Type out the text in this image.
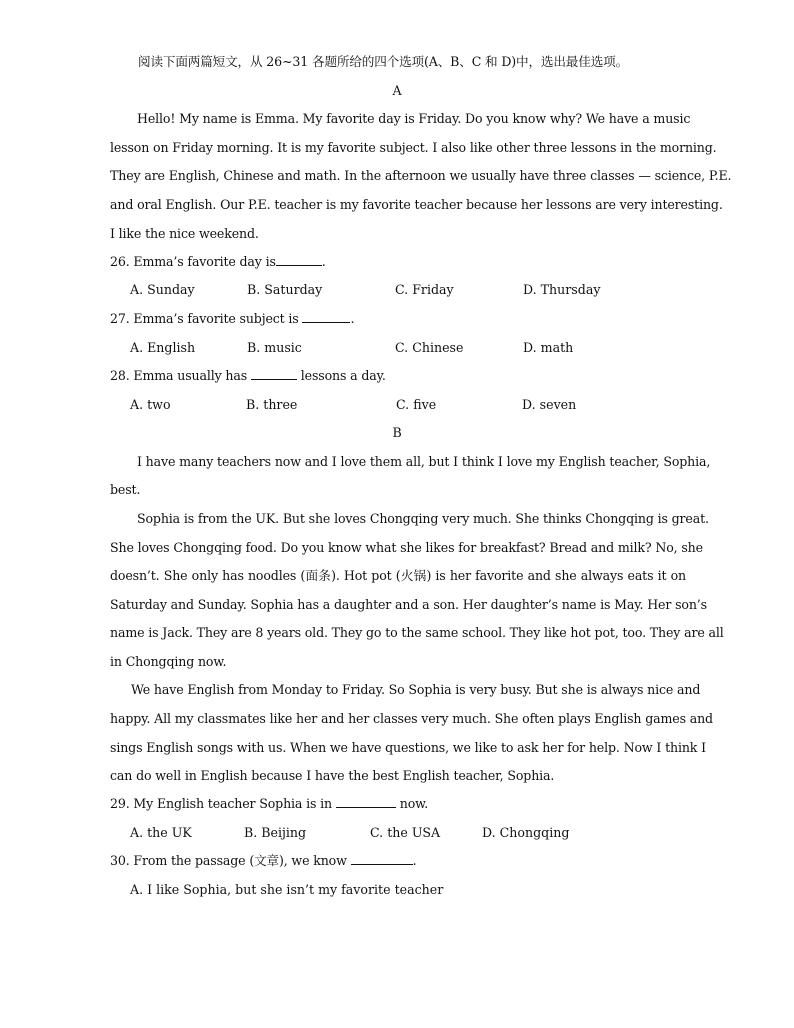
阅读下面两篇短文，从 26~31 各题所给的四个选项(A、B、C 和 D)中，选出最佳选项。
A
Hello! My name is Emma. My favorite day is Friday. Do you know why? We have a music
lesson on Friday morning. It is my favorite subject. I also like other three lessons in the morning.
They are English, Chinese and math. In the afternoon we usually have three classes — science, P.E.
and oral English. Our P.E. teacher is my favorite teacher because her lessons are very interesting.
I like the nice weekend.
26. Emma’s favorite day is	.
A. Sunday	B. Saturday	C. Friday	D. Thursday
27. Emma’s favorite subject is	.
A. English	B. music	C. Chinese	D. math
28. Emma usually has	lessons a day.
A. two	B. three	C. five	D. seven
B
I have many teachers now and I love them all, but I think I love my English teacher, Sophia,
best.
Sophia is from the UK. But she loves Chongqing very much. She thinks Chongqing is great.
She loves Chongqing food. Do you know what she likes for breakfast? Bread and milk? No, she
doesn’t. She only has noodles (面条). Hot pot (火锅) is her favorite and she always eats it on
Saturday and Sunday. Sophia has a daughter and a son. Her daughter’s name is May. Her son’s
name is Jack. They are 8 years old. They go to the same school. They like hot pot, too. They are all
in Chongqing now.
We have English from Monday to Friday. So Sophia is very busy. But she is always nice and
happy. All my classmates like her and her classes very much. She often plays English games and
sings English songs with us. When we have questions, we like to ask her for help. Now I think I
can do well in English because I have the best English teacher, Sophia.
29. My English teacher Sophia is in	now.
A. the UK	B. Beijing	C. the USA	D. Chongqing
30. From the passage (文章), we know	.
A. I like Sophia, but she isn’t my favorite teacher
